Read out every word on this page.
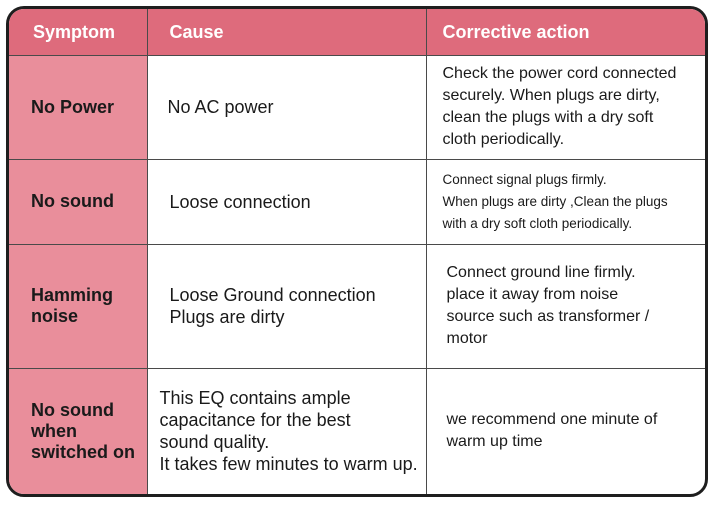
Symptom	Cause	Corrective action

No Power	No AC power	Check the power cord connected
securely. When plugs are dirty,
clean the plugs with a dry soft
cloth periodically.

No sound	Loose connection	Connect signal plugs firmly.
When plugs are dirty ,Clean the plugs
with a dry soft cloth periodically.

Hamming
noise	Loose Ground connection
Plugs are dirty	Connect ground line firmly.
place it away from noise
source such as transformer /
motor

No sound
when
switched on	This EQ contains ample
capacitance for the best
sound quality.
It takes few minutes to warm up.	we recommend one minute of
warm up time
